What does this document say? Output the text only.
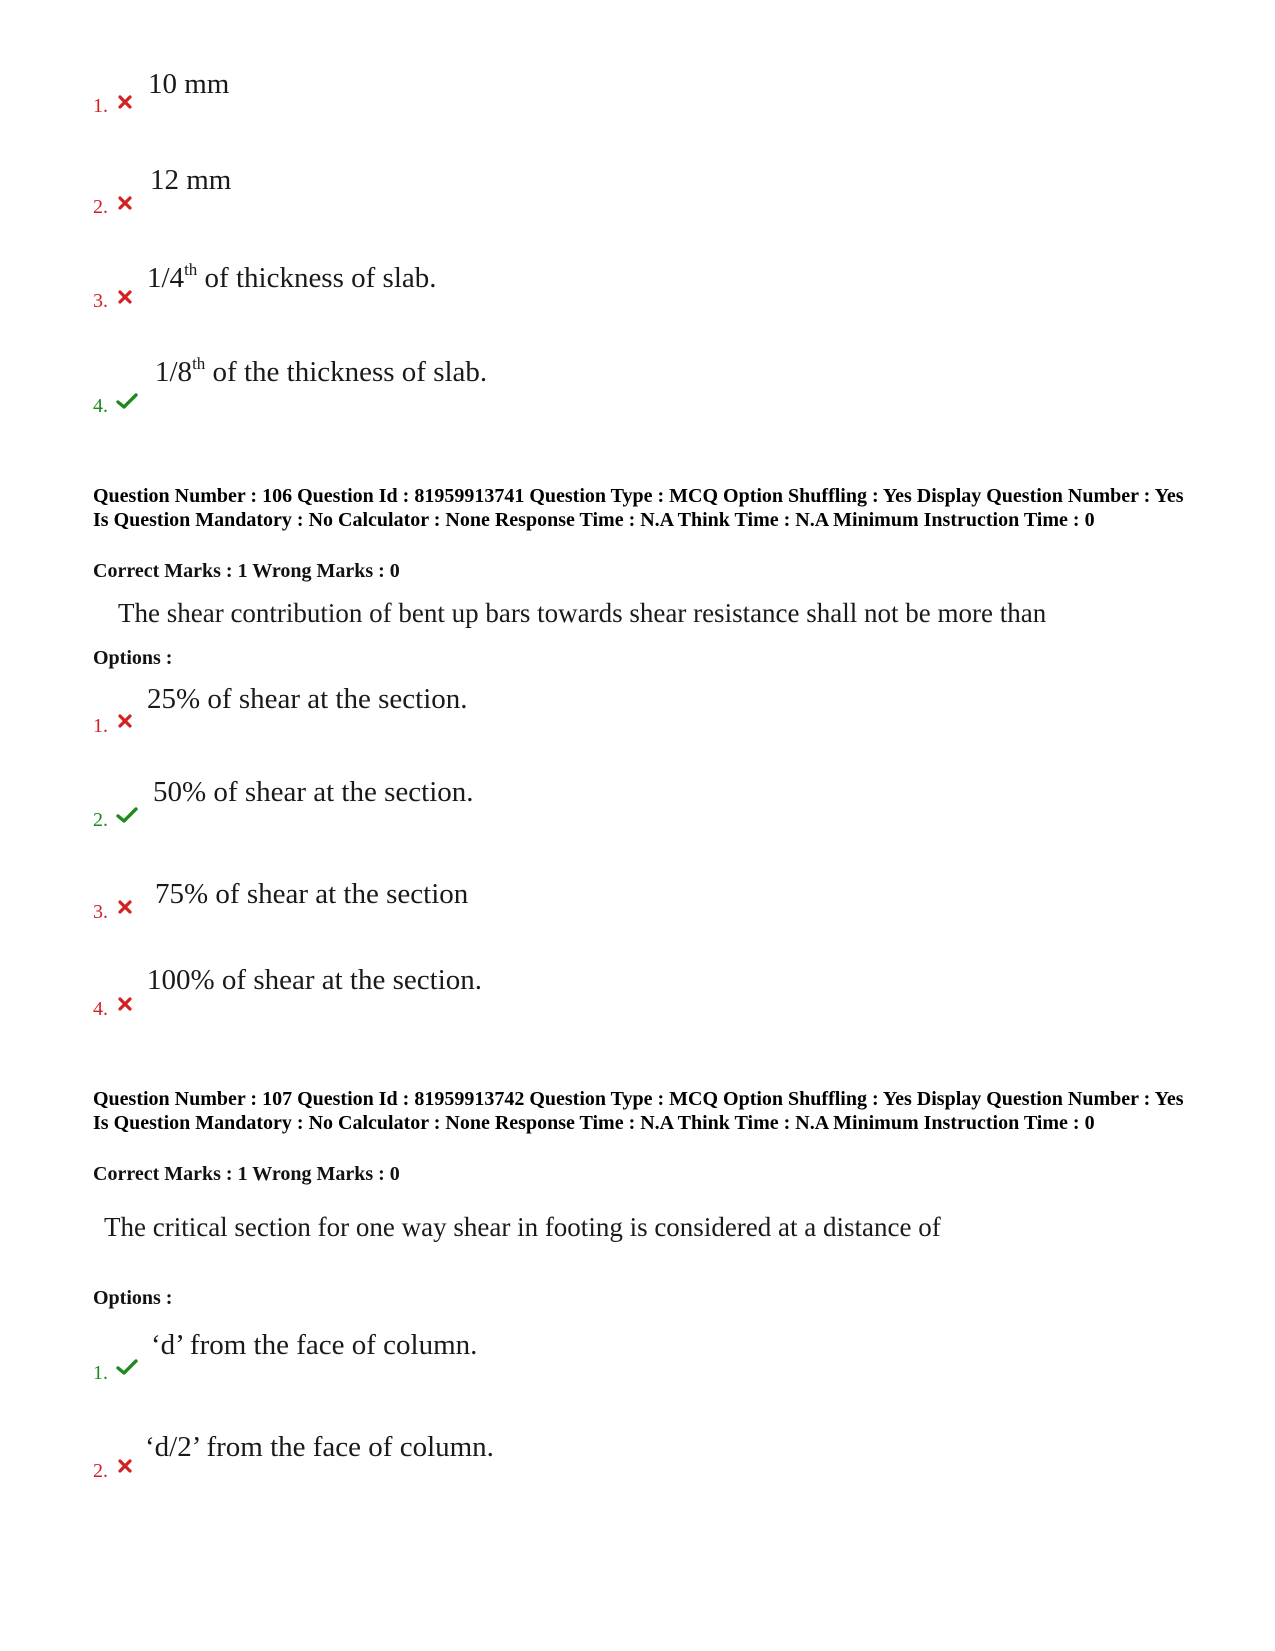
10 mm
1.
12 mm
2.
1/4th of thickness of slab.
3.
1/8th of the thickness of slab.
4.
Question Number : 106 Question Id : 81959913741 Question Type : MCQ Option Shuffling : Yes Display Question Number : Yes Is Question Mandatory : No Calculator : None Response Time : N.A Think Time : N.A Minimum Instruction Time : 0
Correct Marks : 1 Wrong Marks : 0
The shear contribution of bent up bars towards shear resistance shall not be more than
Options :
25% of shear at the section.
1.
50% of shear at the section.
2.
75% of shear at the section
3.
100% of shear at the section.
4.
Question Number : 107 Question Id : 81959913742 Question Type : MCQ Option Shuffling : Yes Display Question Number : Yes Is Question Mandatory : No Calculator : None Response Time : N.A Think Time : N.A Minimum Instruction Time : 0
Correct Marks : 1 Wrong Marks : 0
The critical section for one way shear in footing is considered at a distance of
Options :
‘d’ from the face of column.
1.
‘d/2’ from the face of column.
2.
